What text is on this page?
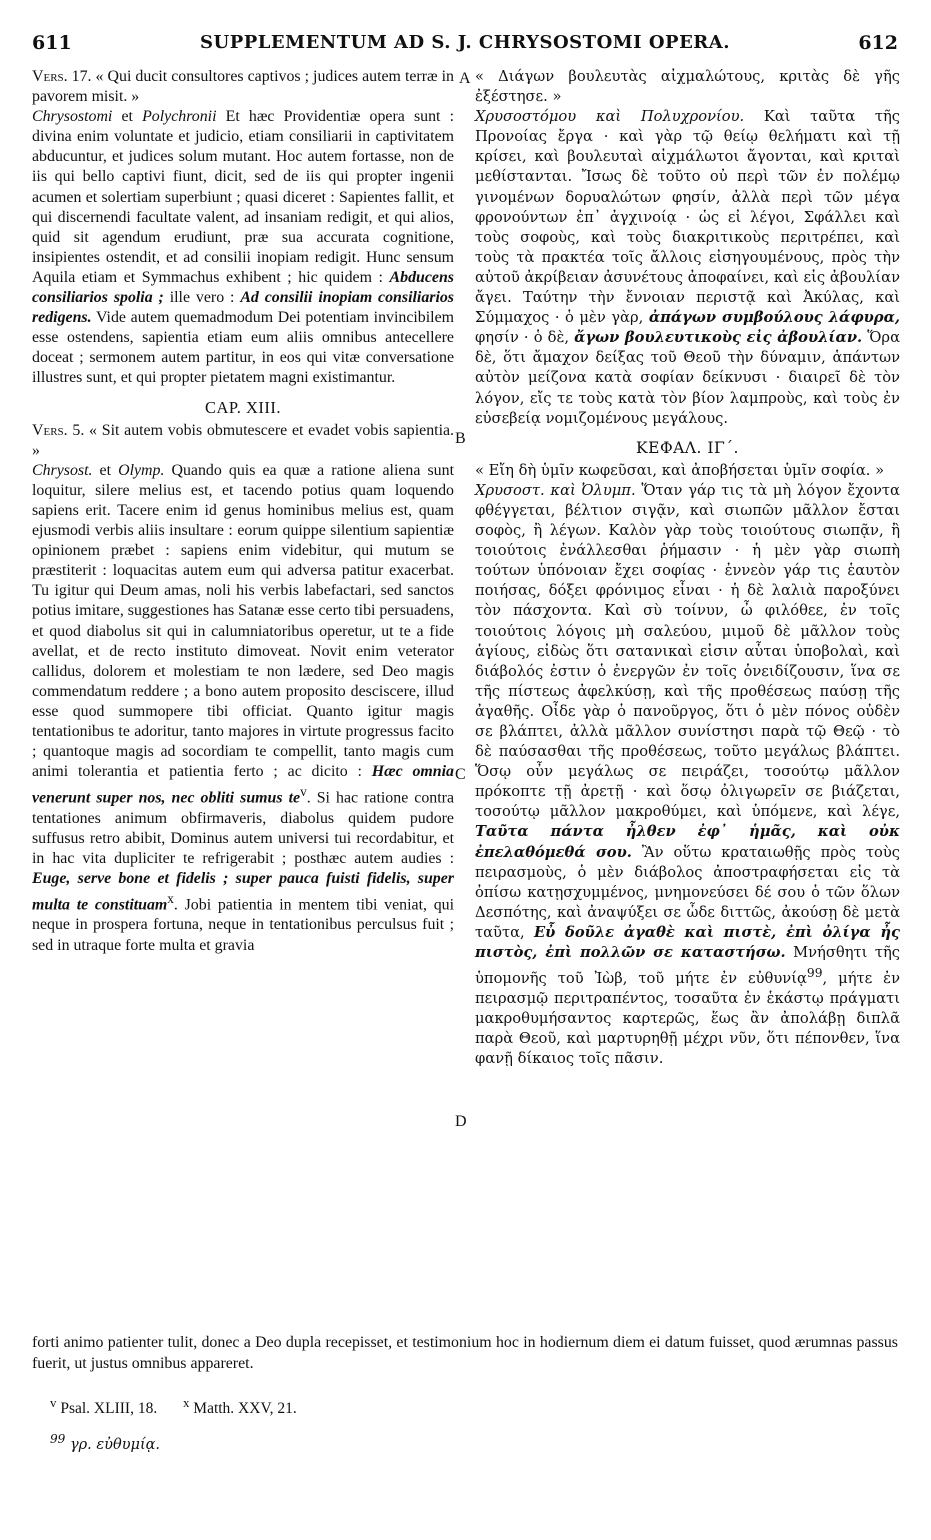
611	SUPPLEMENTUM AD S. J. CHRYSOSTOMI OPERA.	612

Vers. 17. « Qui ducit consultores captivos ; judices autem terræ in pavorem misit. »

Chrysostomi et Polychronii Et hæc Providentiæ opera sunt : divina enim voluntate et judicio, etiam consiliarii in captivitatem abducuntur, et judices solum mutant. Hoc autem fortasse, non de iis qui bello captivi fiunt, dicit, sed de iis qui propter ingenii acumen et solertiam superbiunt ; quasi diceret : Sapientes fallit, et qui discernendi facultate valent, ad insaniam redigit, et qui alios, quid sit agendum erudiunt, præ sua accurata cognitione, insipientes ostendit, et ad consilii inopiam redigit. Hunc sensum Aquila etiam et Symmachus exhibent ; hic quidem : Abducens consiliarios spolia ; ille vero : Ad consilii inopiam consiliarios redigens. Vide autem quemadmodum Dei potentiam invincibilem esse ostendens, sapientia etiam eum aliis omnibus antecellere doceat ; sermonem autem partitur, in eos qui vitæ conversatione illustres sunt, et qui propter pietatem magni existimantur.

CAP. XIII.

Vers. 5. « Sit autem vobis obmutescere et evadet vobis sapientia. »

Chrysost. et Olymp. Quando quis ea quæ a ratione aliena sunt loquitur, silere melius est, et tacendo potius quam loquendo sapiens erit. Tacere enim id genus hominibus melius est, quam ejusmodi verbis aliis insultare : eorum quippe silentium sapientiæ opinionem præbet : sapiens enim videbitur, qui mutum se præstiterit : loquacitas autem eum qui adversa patitur exacerbat. Tu igitur qui Deum amas, noli his verbis labefactari, sed sanctos potius imitare, suggestiones has Satanæ esse certo tibi persuadens, et quod diabolus sit qui in calumniatoribus operetur, ut te a fide avellat, et de recto instituto dimoveat. Novit enim veterator callidus, dolorem et molestiam te non lædere, sed Deo magis commendatum reddere ; a bono autem proposito desciscere, illud esse quod summopere tibi officiat. Quanto igitur magis tentationibus te adoritur, tanto majores in virtute progressus facito ; quantoque magis ad socordiam te compellit, tanto magis cum animi tolerantia et patientia ferto ; ac dicito : Hæc omnia venerunt super nos, nec obliti sumus $te^v$. Si hac ratione contra tentationes animum obfirmaveris, diabolus quidem pudore suffusus retro abibit, Dominus autem universi tui recordabitur, et in hac vita dupliciter te refrigerabit ; posthæc autem audies : Euge, serve bone et fidelis ; super pauca fuisti fidelis, super multa te constituam$^x$. Jobi patientia in mentem tibi veniat, qui neque in prospera fortuna, neque in tentationibus perculsus fuit ; sed in utraque forte multa et gravia

« Διάγων βουλευτὰς αἰχμαλώτους, κριτὰς δὲ γῆς ἐξέστησε. »

Χρυσοστόμου καὶ Πολυχρονίου. Καὶ ταῦτα τῆς Προνοίας ἔργα · καὶ γὰρ τῷ θείῳ θελήματι καὶ τῇ κρίσει, καὶ βουλευταὶ αἰχμάλωτοι ἄγονται, καὶ κριταὶ μεθίστανται. Ἴσως δὲ τοῦτο οὐ περὶ τῶν ἐν πολέμῳ γινομένων δορυαλώτων φησίν, ἀλλὰ περὶ τῶν μέγα φρονούντων ἐπ᾿ ἀγχινοίᾳ · ὡς εἰ λέγοι, Σφάλλει καὶ τοὺς σοφοὺς, καὶ τοὺς διακριτικοὺς περιτρέπει, καὶ τοὺς τὰ πρακτέα τοῖς ἄλλοις εἰσηγουμένους, πρὸς τὴν αὐτοῦ ἀκρίβειαν ἀσυνέτους ἀποφαίνει, καὶ εἰς ἀβουλίαν ἄγει. Ταύτην τὴν ἔννοιαν περιστᾷ καὶ Ἀκύλας, καὶ Σύμμαχος · ὁ μὲν γὰρ, ἀπάγων συμβούλους λάφυρα, φησίν · ὁ δὲ, ἄγων βουλευτικοὺς εἰς ἀβουλίαν. Ὅρα δὲ, ὅτι ἄμαχον δείξας τοῦ Θεοῦ τὴν δύναμιν, ἁπάντων αὐτὸν μείζονα κατὰ σοφίαν δείκνυσι · διαιρεῖ δὲ τὸν λόγον, εἴς τε τοὺς κατὰ τὸν βίον λαμπροὺς, καὶ τοὺς ἐν εὐσεβείᾳ νομιζομένους μεγάλους.

ΚΕΦΑΛ. ΙΓ΄.

« Εἴη δὴ ὑμῖν κωφεῦσαι, καὶ ἀποβήσεται ὑμῖν σοφία. »

Χρυσοστ. καὶ Ὀλυμπ. Ὅταν γάρ τις τὰ μὴ λόγον ἔχοντα φθέγγεται, βέλτιον σιγᾷν, καὶ σιωπῶν μᾶλλον ἔσται σοφὸς, ἢ λέγων. Καλὸν γὰρ τοὺς τοιούτους σιωπᾷν, ἢ τοιούτοις ἐνάλλεσθαι ῥήμασιν · ἡ μὲν γὰρ σιωπὴ τούτων ὑπόνοιαν ἔχει σοφίας · ἐννεὸν γάρ τις ἑαυτὸν ποιήσας, δόξει φρόνιμος εἶναι · ἡ δὲ λαλιὰ παροξύνει τὸν πάσχοντα. Καὶ σὺ τοίνυν, ὦ φιλόθεε, ἐν τοῖς τοιούτοις λόγοις μὴ σαλεύου, μιμοῦ δὲ μᾶλλον τοὺς ἁγίους, εἰδὼς ὅτι σατανικαὶ εἰσιν αὗται ὑποβολαὶ, καὶ διάβολός ἐστιν ὁ ἐνεργῶν ἐν τοῖς ὀνειδίζουσιν, ἵνα σε τῆς πίστεως ἀφελκύσῃ, καὶ τῆς προθέσεως παύσῃ τῆς ἀγαθῆς. Οἶδε γὰρ ὁ πανοῦργος, ὅτι ὁ μὲν πόνος οὐδὲν σε βλάπτει, ἀλλὰ μᾶλλον συνίστησι παρὰ τῷ Θεῷ · τὸ δὲ παύσασθαι τῆς προθέσεως, τοῦτο μεγάλως βλάπτει. Ὅσῳ οὖν μεγάλως σε πειράζει, τοσούτῳ μᾶλλον πρόκοπτε τῇ ἀρετῇ · καὶ ὅσῳ ὀλιγωρεῖν σε βιάζεται, τοσούτῳ μᾶλλον μακροθύμει, καὶ ὑπόμενε, καὶ λέγε, Ταῦτα πάντα ἦλθεν ἐφ᾿ ἡμᾶς, καὶ οὐκ ἐπελαθόμεθά σου. Ἂν οὕτω κραταιωθῇς πρὸς τοὺς πειρασμοὺς, ὁ μὲν διάβολος ἀποστραφήσεται εἰς τὰ ὀπίσω κατῃσχυμμένος, μνημονεύσει δέ σου ὁ τῶν ὅλων Δεσπότης, καὶ ἀναψύξει σε ὧδε διττῶς, ἀκούσῃ δὲ μετὰ ταῦτα, Εὖ δοῦλε ἀγαθὲ καὶ πιστὲ, ἐπὶ ὀλίγα ἦς πιστὸς, ἐπὶ πολλῶν σε καταστήσω. Μνήσθητι τῆς ὑπομονῆς τοῦ Ἰὼβ, τοῦ μήτε ἐν εὐθυνίᾳ$^{99}$, μήτε ἐν πειρασμῷ περιτραπέντος, τοσαῦτα ἐν ἑκάστῳ πράγματι μακροθυμήσαντος καρτερῶς, ἕως ἂν ἀπολάβῃ διπλᾶ παρὰ Θεοῦ, καὶ μαρτυρηθῇ μέχρι νῦν, ὅτι πέπονθεν, ἵνα φανῇ δίκαιος τοῖς πᾶσιν.

A
B
C
D
forti animo patienter tulit, donec a Deo dupla recepisset, et testimonium hoc in hodiernum diem ei datum fuisset, quod ærumnas passus fuerit, ut justus omnibus appareret.
$^v$ Psal. XLIII, 18. $^x$ Matth. XXV, 21.
$^{99}$ γρ. εὐθυμίᾳ.
